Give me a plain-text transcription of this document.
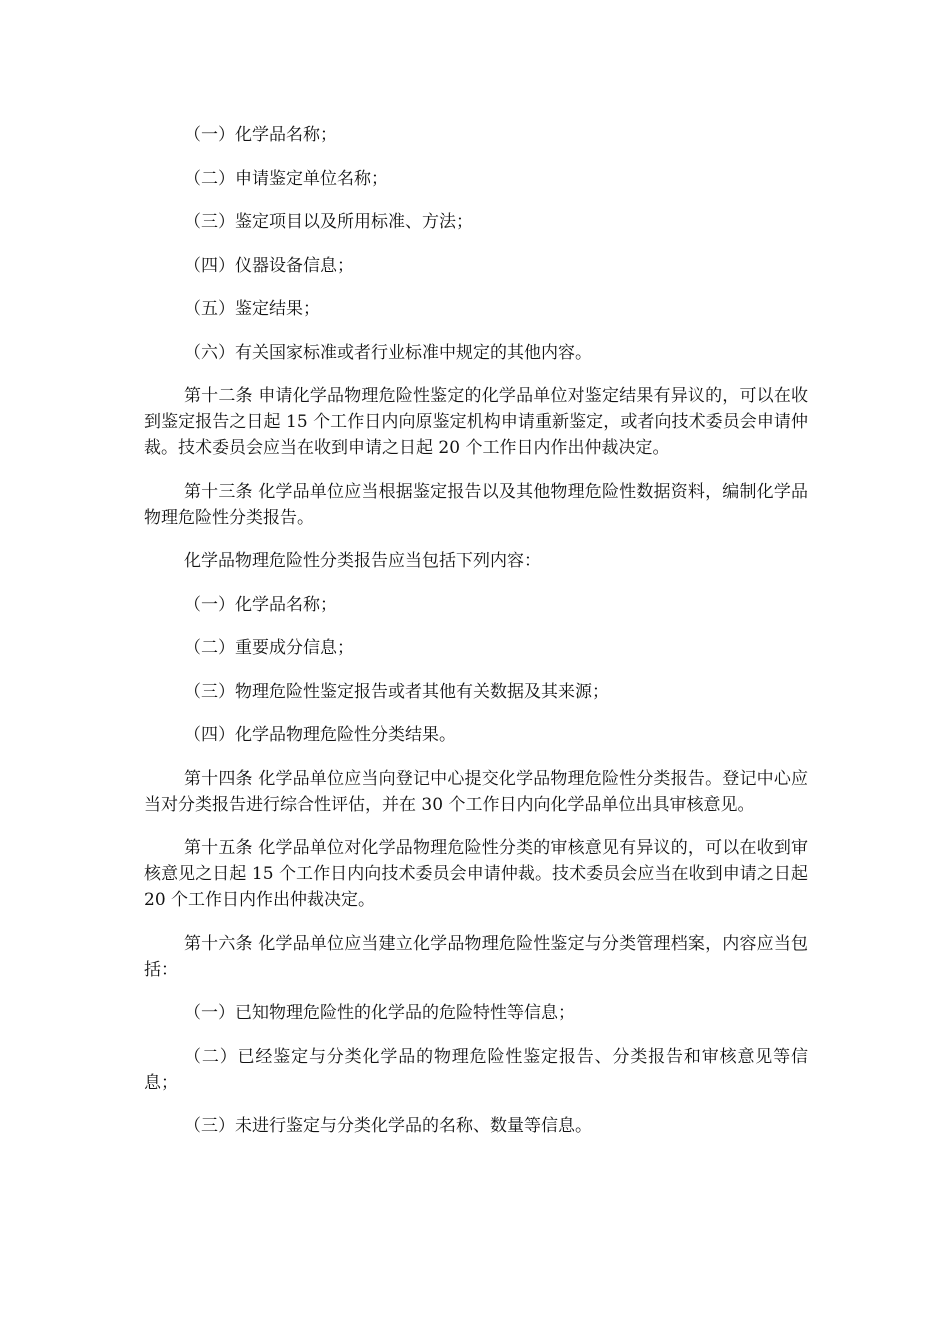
（一）化学品名称；

（二）申请鉴定单位名称；

（三）鉴定项目以及所用标准、方法；

（四）仪器设备信息；

（五）鉴定结果；

（六）有关国家标准或者行业标准中规定的其他内容。

第十二条 申请化学品物理危险性鉴定的化学品单位对鉴定结果有异议的，可以在收到鉴定报告之日起 15 个工作日内向原鉴定机构申请重新鉴定，或者向技术委员会申请仲裁。技术委员会应当在收到申请之日起 20 个工作日内作出仲裁决定。

第十三条 化学品单位应当根据鉴定报告以及其他物理危险性数据资料，编制化学品物理危险性分类报告。

化学品物理危险性分类报告应当包括下列内容：

（一）化学品名称；

（二）重要成分信息；

（三）物理危险性鉴定报告或者其他有关数据及其来源；

（四）化学品物理危险性分类结果。

第十四条 化学品单位应当向登记中心提交化学品物理危险性分类报告。登记中心应当对分类报告进行综合性评估，并在 30 个工作日内向化学品单位出具审核意见。

第十五条 化学品单位对化学品物理危险性分类的审核意见有异议的，可以在收到审核意见之日起 15 个工作日内向技术委员会申请仲裁。技术委员会应当在收到申请之日起 20 个工作日内作出仲裁决定。

第十六条 化学品单位应当建立化学品物理危险性鉴定与分类管理档案，内容应当包括：

（一）已知物理危险性的化学品的危险特性等信息；

（二）已经鉴定与分类化学品的物理危险性鉴定报告、分类报告和审核意见等信息；

（三）未进行鉴定与分类化学品的名称、数量等信息。
